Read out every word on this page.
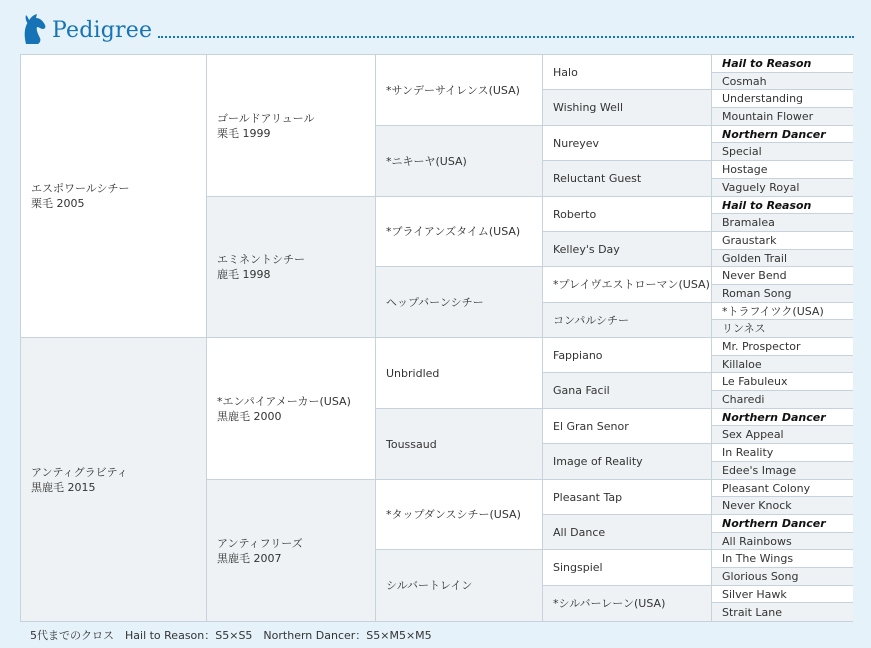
Pedigree
エスポワールシチー
栗毛 2005
アンティグラビティ
黒鹿毛 2015
ゴールドアリュール
栗毛 1999
エミネントシチー
鹿毛 1998
*エンパイアメーカー(USA)
黒鹿毛 2000
アンティフリーズ
黒鹿毛 2007
*サンデーサイレンス(USA)
*ニキーヤ(USA)
*ブライアンズタイム(USA)
ヘップバーンシチー
Unbridled
Toussaud
*タップダンスシチー(USA)
シルバートレイン
Halo
Wishing Well
Nureyev
Reluctant Guest
Roberto
Kelley's Day
*プレイヴエストローマン(USA)
コンパルシチー
Fappiano
Gana Facil
El Gran Senor
Image of Reality
Pleasant Tap
All Dance
Singspiel
*シルバーレーン(USA)
Hail to Reason
Cosmah
Understanding
Mountain Flower
Northern Dancer
Special
Hostage
Vaguely Royal
Hail to Reason
Bramalea
Graustark
Golden Trail
Never Bend
Roman Song
*トラフイツク(USA)
リンネス
Mr. Prospector
Killaloe
Le Fabuleux
Charedi
Northern Dancer
Sex Appeal
In Reality
Edee's Image
Pleasant Colony
Never Knock
Northern Dancer
All Rainbows
In The Wings
Glorious Song
Silver Hawk
Strait Lane
5代までのクロス　Hail to Reason：S5×S5　Northern Dancer：S5×M5×M5
